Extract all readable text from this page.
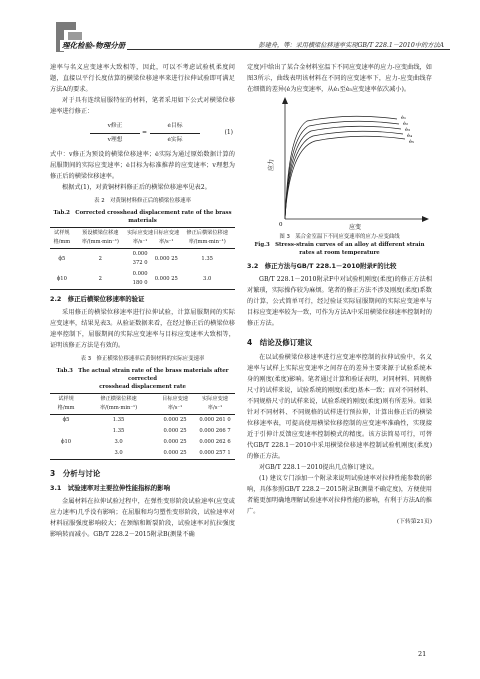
理化检验-物理分册	彭建舟，等：采用横梁位移速率实现GB/T 228.1－2010中的方法A

速率与名义应变速率大致相等，因此，可以不考虑试验机柔度问题，直接以平行长度估算的横梁位移速率来进行拉伸试验即可满足方法A的要求。

对于具有连续屈服特征的材料，笔者采用如下公式对横梁位移速率进行修正：

v修正
v理想
=
ė目标
ė实际
(1)

式中：v修正为预设的横梁位移速率；ė实际为通过原始数据计算的屈服期间的实际应变速率；ė目标为标准推荐的应变速率；v理想为修正后的横梁位移速率。

根据式(1)，对黄铜材料修正后的横梁位移速率见表2。

表 2　对黄铜材料修正后的横梁位移速率
Tab.2　Corrected crosshead displacement rate of the brass materials
试样规格/mm	预设横梁位移速率/(mm·min⁻¹)	实际应变速率/s⁻¹	目标应变速率/s⁻¹	修正后横梁位移速率/(mm·min⁻¹)
ϕ5	2	0.000 372 0	0.000 25	1.35
ϕ10	2	0.000 180 0	0.000 25	3.0
2.2　修正后横梁位移速率的验证

采用修正的横梁位移速率进行拉伸试验，计算屈服期间的实际应变速率，结果见表3。从验证数据来看，在经过修正后的横梁位移速率控制下，屈服期间的实际应变速率与目标应变速率大致相等，证明该修正方法是有效的。

表 3　修正横梁位移速率后黄铜材料的实际应变速率
Tab.3　The actual strain rate of the brass materials after corrected
crosshead displacement rate
试样规格/mm	修正横梁位移速率/(mm·min⁻¹)	目标应变速率/s⁻¹	实际应变速率/s⁻¹
ϕ5	1.35	0.000 25	0.000 261 0
	1.35	0.000 25	0.000 266 7
ϕ10	3.0	0.000 25	0.000 262 6
	3.0	0.000 25	0.000 257 1
3　分析与讨论
3.1　试验速率对主要拉伸性能指标的影响

金属材料在拉伸试验过程中，在弹性变形阶段试验速率(应变或应力速率)几乎没有影响；在屈服和均匀塑性变形阶段，试验速率对材料屈服强度影响较大；在颈缩和断裂阶段，试验速率对抗拉强度影响转而减小。GB/T 228.2－2015附录B(测量不确

定度)中给出了某合金材料室温下不同应变速率的应力-应变曲线，如图3所示，曲线表明该材料在不同的应变速率下，应力-应变曲线存在细微的差异(ė为应变速率，从ė₁至ė₅应变速率依次减小)。

ė₁
ė₂
ė₃
ė₄
ė₅
应力
应变
0
图 3　某合金室温下不同应变速率的应力-应变曲线
Fig.3　Stress-strain curves of an alloy at different strain
rates at room temperature
3.2　修正方法与GB/T 228.1－2010附录F的比较

GB/T 228.1－2010附录F中对试验机刚度(柔度)的修正方法相对繁琐，实际操作较为麻烦。笔者的修正方法不涉及刚度(柔度)系数的计算，公式简单可行，经过验证实际屈服期间的实际应变速率与目标应变速率较为一致，可作为方法A中采用横梁位移速率控制时的修正方法。

4　结论及修订建议

在以试验横梁位移速率进行应变速率控制的拉伸试验中，名义速率与试样上实际应变速率之间存在的差异主要来源于试验系统本身的刚度(柔度)影响。笔者通过计算和验证表明，对同材料、同规格尺寸的试样来说，试验系统的刚度(柔度)基本一致；而对不同材料、不同规格尺寸的试样来说，试验系统的刚度(柔度)则有所差异。如果针对不同材料、不同规格的试样进行预拉伸，计算出修正后的横梁位移速率表，可提高使用横梁位移控制的应变速率准确性，实现接近于引伸计反馈应变速率控制模式的精度。该方法简易可行，可替代GB/T 228.1－2010中采用横梁位移速率控制试验机刚度(柔度)的修正方法。

对GB/T 228.1－2010提出几点修订建议。

(1) 建议专门添加一个附录来说明试验速率对拉伸性能参数的影响，具体参照GB/T 228.2－2015附录B(测量不确定度)，方便使用者能更加明确地理解试验速率对拉伸性能的影响，有利于方法A的推广。

(下转第21页)
21
